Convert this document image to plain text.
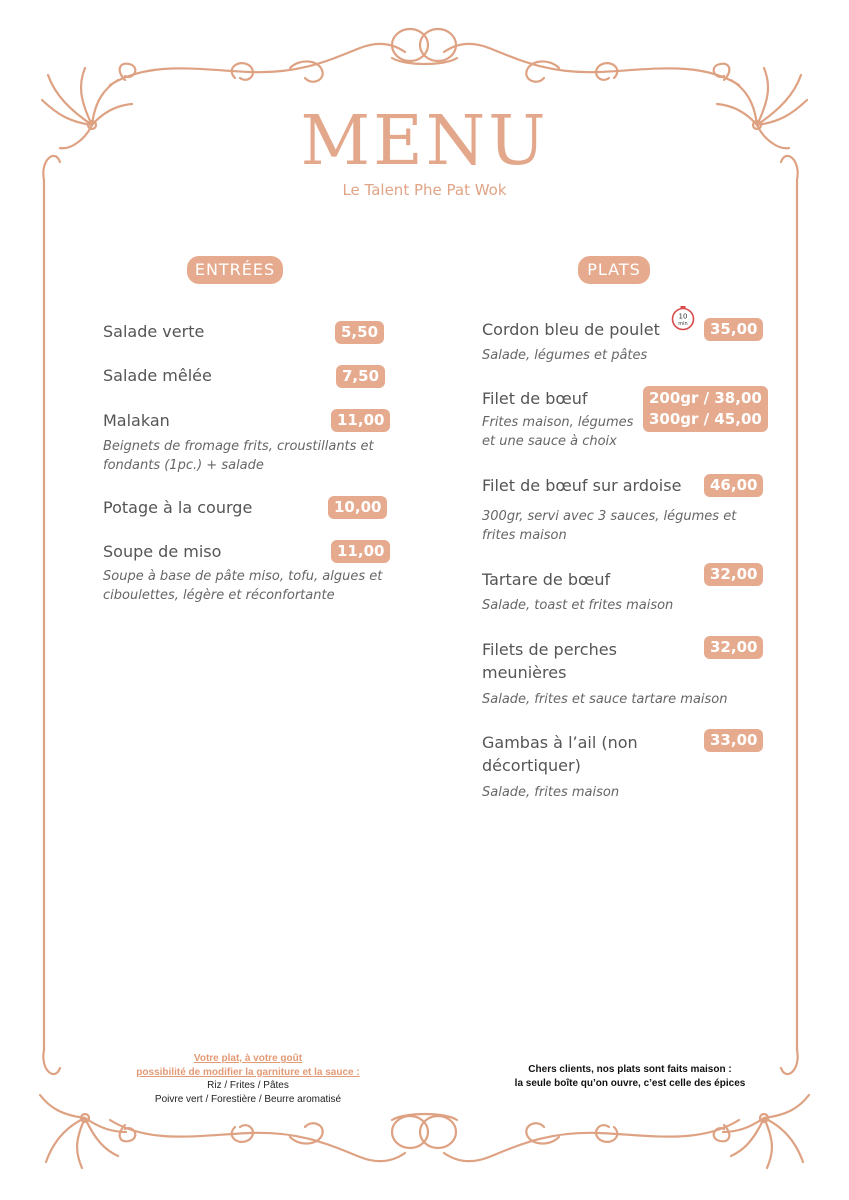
MENU
Le Talent Phe Pat Wok
ENTRÉES	PLATS
Salade verte	5,50
Salade mêlée	7,50
Malakan
Beignets de fromage frits, croustillants et fondants (1pc.) + salade
11,00
Potage à la courge	10,00
Soupe de miso
Soupe à base de pâte miso, tofu, algues et ciboulettes, légère et réconfortante
11,00
Cordon bleu de poulet
Salade, légumes et pâtes
10
min	35,00
Filet de bœuf
Frites maison, légumes et une sauce à choix
200gr / 38,00
300gr / 45,00
Filet de bœuf sur ardoise
300gr, servi avec 3 sauces, légumes et frites maison
46,00
Tartare de bœuf
Salade, toast et frites maison
32,00
Filets de perches meunières
Salade, frites et sauce tartare maison
32,00
Gambas à l’ail (non décortiquer)
Salade, frites maison
33,00
Votre plat, à votre goût
possibilité de modifier la garniture et la sauce :
Riz / Frites / Pâtes
Poivre vert / Forestière / Beurre aromatisé
Chers clients, nos plats sont faits maison :
la seule boîte qu’on ouvre, c’est celle des épices
